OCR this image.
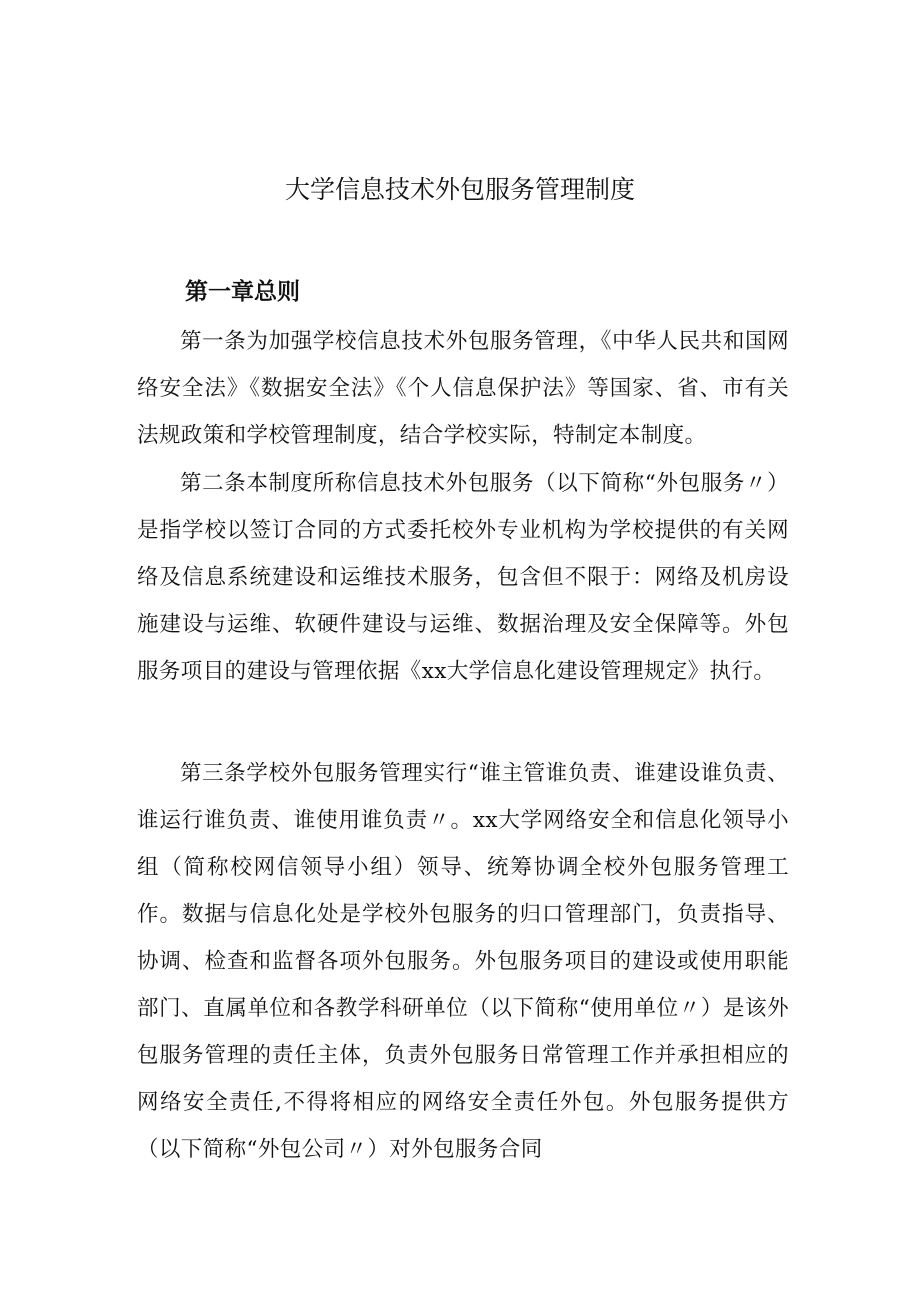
大学信息技术外包服务管理制度
第一章总则

第一条为加强学校信息技术外包服务管理，《中华人民共和国网络安全法》《数据安全法》《个人信息保护法》等国家、省、市有关法规政策和学校管理制度，结合学校实际，特制定本制度。

第二条本制度所称信息技术外包服务（以下简称“外包服务〃）是指学校以签订合同的方式委托校外专业机构为学校提供的有关网络及信息系统建设和运维技术服务，包含但不限于：网络及机房设施建设与运维、软硬件建设与运维、数据治理及安全保障等。外包服务项目的建设与管理依据《xx大学信息化建设管理规定》执行。

第三条学校外包服务管理实行“谁主管谁负责、谁建设谁负责、谁运行谁负责、谁使用谁负责〃。xx大学网络安全和信息化领导小组（简称校网信领导小组）领导、统筹协调全校外包服务管理工作。数据与信息化处是学校外包服务的归口管理部门，负责指导、协调、检查和监督各项外包服务。外包服务项目的建设或使用职能部门、直属单位和各教学科研单位（以下简称“使用单位〃）是该外包服务管理的责任主体，负责外包服务日常管理工作并承担相应的网络安全责任,不得将相应的网络安全责任外包。外包服务提供方（以下简称“外包公司〃）对外包服务合同
